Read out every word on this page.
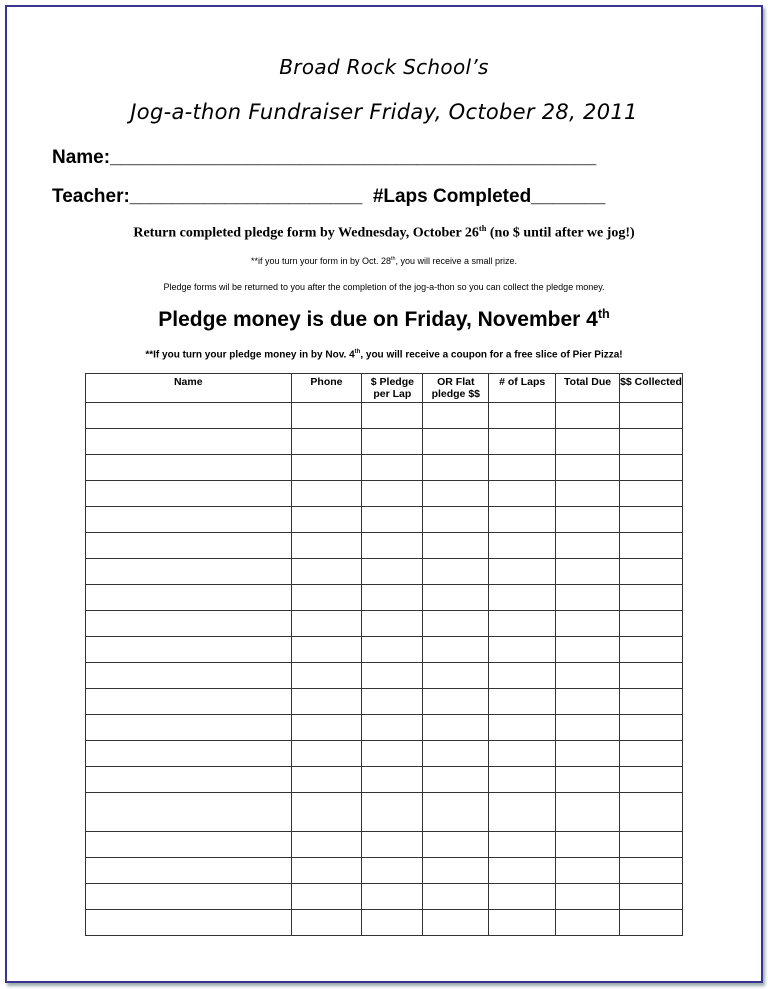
Broad Rock School’s
Jog-a-thon Fundraiser Friday, October 28, 2011
Name:______________________________________________
Teacher:______________________  #Laps Completed_______
Return completed pledge form by Wednesday, October 26th (no $ until after we jog!)
**if you turn your form in by Oct. 28th, you will receive a small prize.
Pledge forms wil be returned to you after the completion of the jog-a-thon so you can collect the pledge money.
Pledge money is due on Friday, November 4th
**If you turn your pledge money in by Nov. 4th, you will receive a coupon for a free slice of Pier Pizza!
Name	Phone	$ Pledge per Lap	OR Flat pledge $$	# of Laps	Total Due	$$ Collected
